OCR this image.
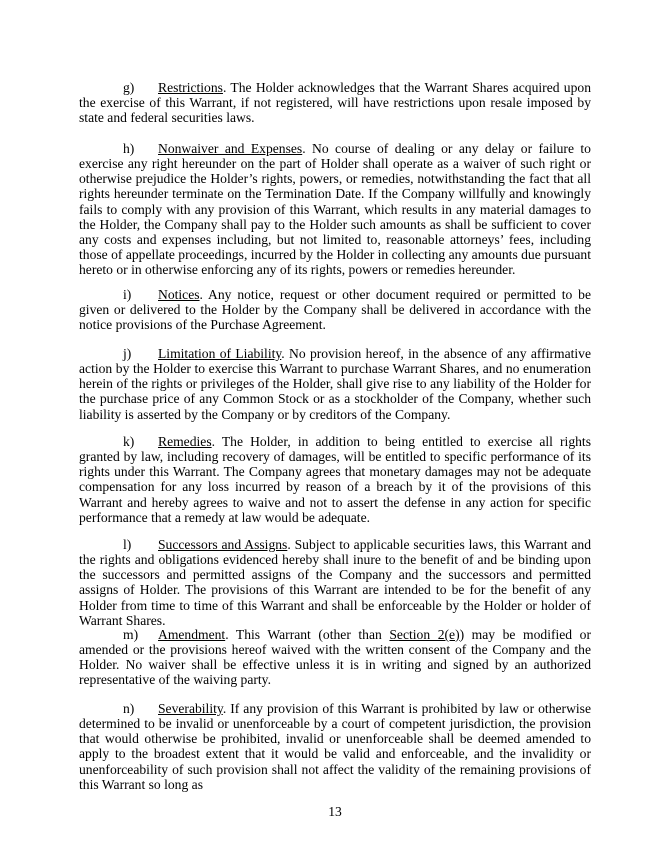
g) Restrictions. The Holder acknowledges that the Warrant Shares acquired upon the exercise of this Warrant, if not registered, will have restrictions upon resale imposed by state and federal securities laws.

h) Nonwaiver and Expenses. No course of dealing or any delay or failure to exercise any right hereunder on the part of Holder shall operate as a waiver of such right or otherwise prejudice the Holder’s rights, powers, or remedies, notwithstanding the fact that all rights hereunder terminate on the Termination Date. If the Company willfully and knowingly fails to comply with any provision of this Warrant, which results in any material damages to the Holder, the Company shall pay to the Holder such amounts as shall be sufficient to cover any costs and expenses including, but not limited to, reasonable attorneys’ fees, including those of appellate proceedings, incurred by the Holder in collecting any amounts due pursuant hereto or in otherwise enforcing any of its rights, powers or remedies hereunder.

i) Notices. Any notice, request or other document required or permitted to be given or delivered to the Holder by the Company shall be delivered in accordance with the notice provisions of the Purchase Agreement.

j) Limitation of Liability. No provision hereof, in the absence of any affirmative action by the Holder to exercise this Warrant to purchase Warrant Shares, and no enumeration herein of the rights or privileges of the Holder, shall give rise to any liability of the Holder for the purchase price of any Common Stock or as a stockholder of the Company, whether such liability is asserted by the Company or by creditors of the Company.

k) Remedies. The Holder, in addition to being entitled to exercise all rights granted by law, including recovery of damages, will be entitled to specific performance of its rights under this Warrant. The Company agrees that monetary damages may not be adequate compensation for any loss incurred by reason of a breach by it of the provisions of this Warrant and hereby agrees to waive and not to assert the defense in any action for specific performance that a remedy at law would be adequate.

l) Successors and Assigns. Subject to applicable securities laws, this Warrant and the rights and obligations evidenced hereby shall inure to the benefit of and be binding upon the successors and permitted assigns of the Company and the successors and permitted assigns of Holder. The provisions of this Warrant are intended to be for the benefit of any Holder from time to time of this Warrant and shall be enforceable by the Holder or holder of Warrant Shares.

m) Amendment. This Warrant (other than Section 2(e)) may be modified or amended or the provisions hereof waived with the written consent of the Company and the Holder. No waiver shall be effective unless it is in writing and signed by an authorized representative of the waiving party.

n) Severability. If any provision of this Warrant is prohibited by law or otherwise determined to be invalid or unenforceable by a court of competent jurisdiction, the provision that would otherwise be prohibited, invalid or unenforceable shall be deemed amended to apply to the broadest extent that it would be valid and enforceable, and the invalidity or unenforceability of such provision shall not affect the validity of the remaining provisions of this Warrant so long as

13
